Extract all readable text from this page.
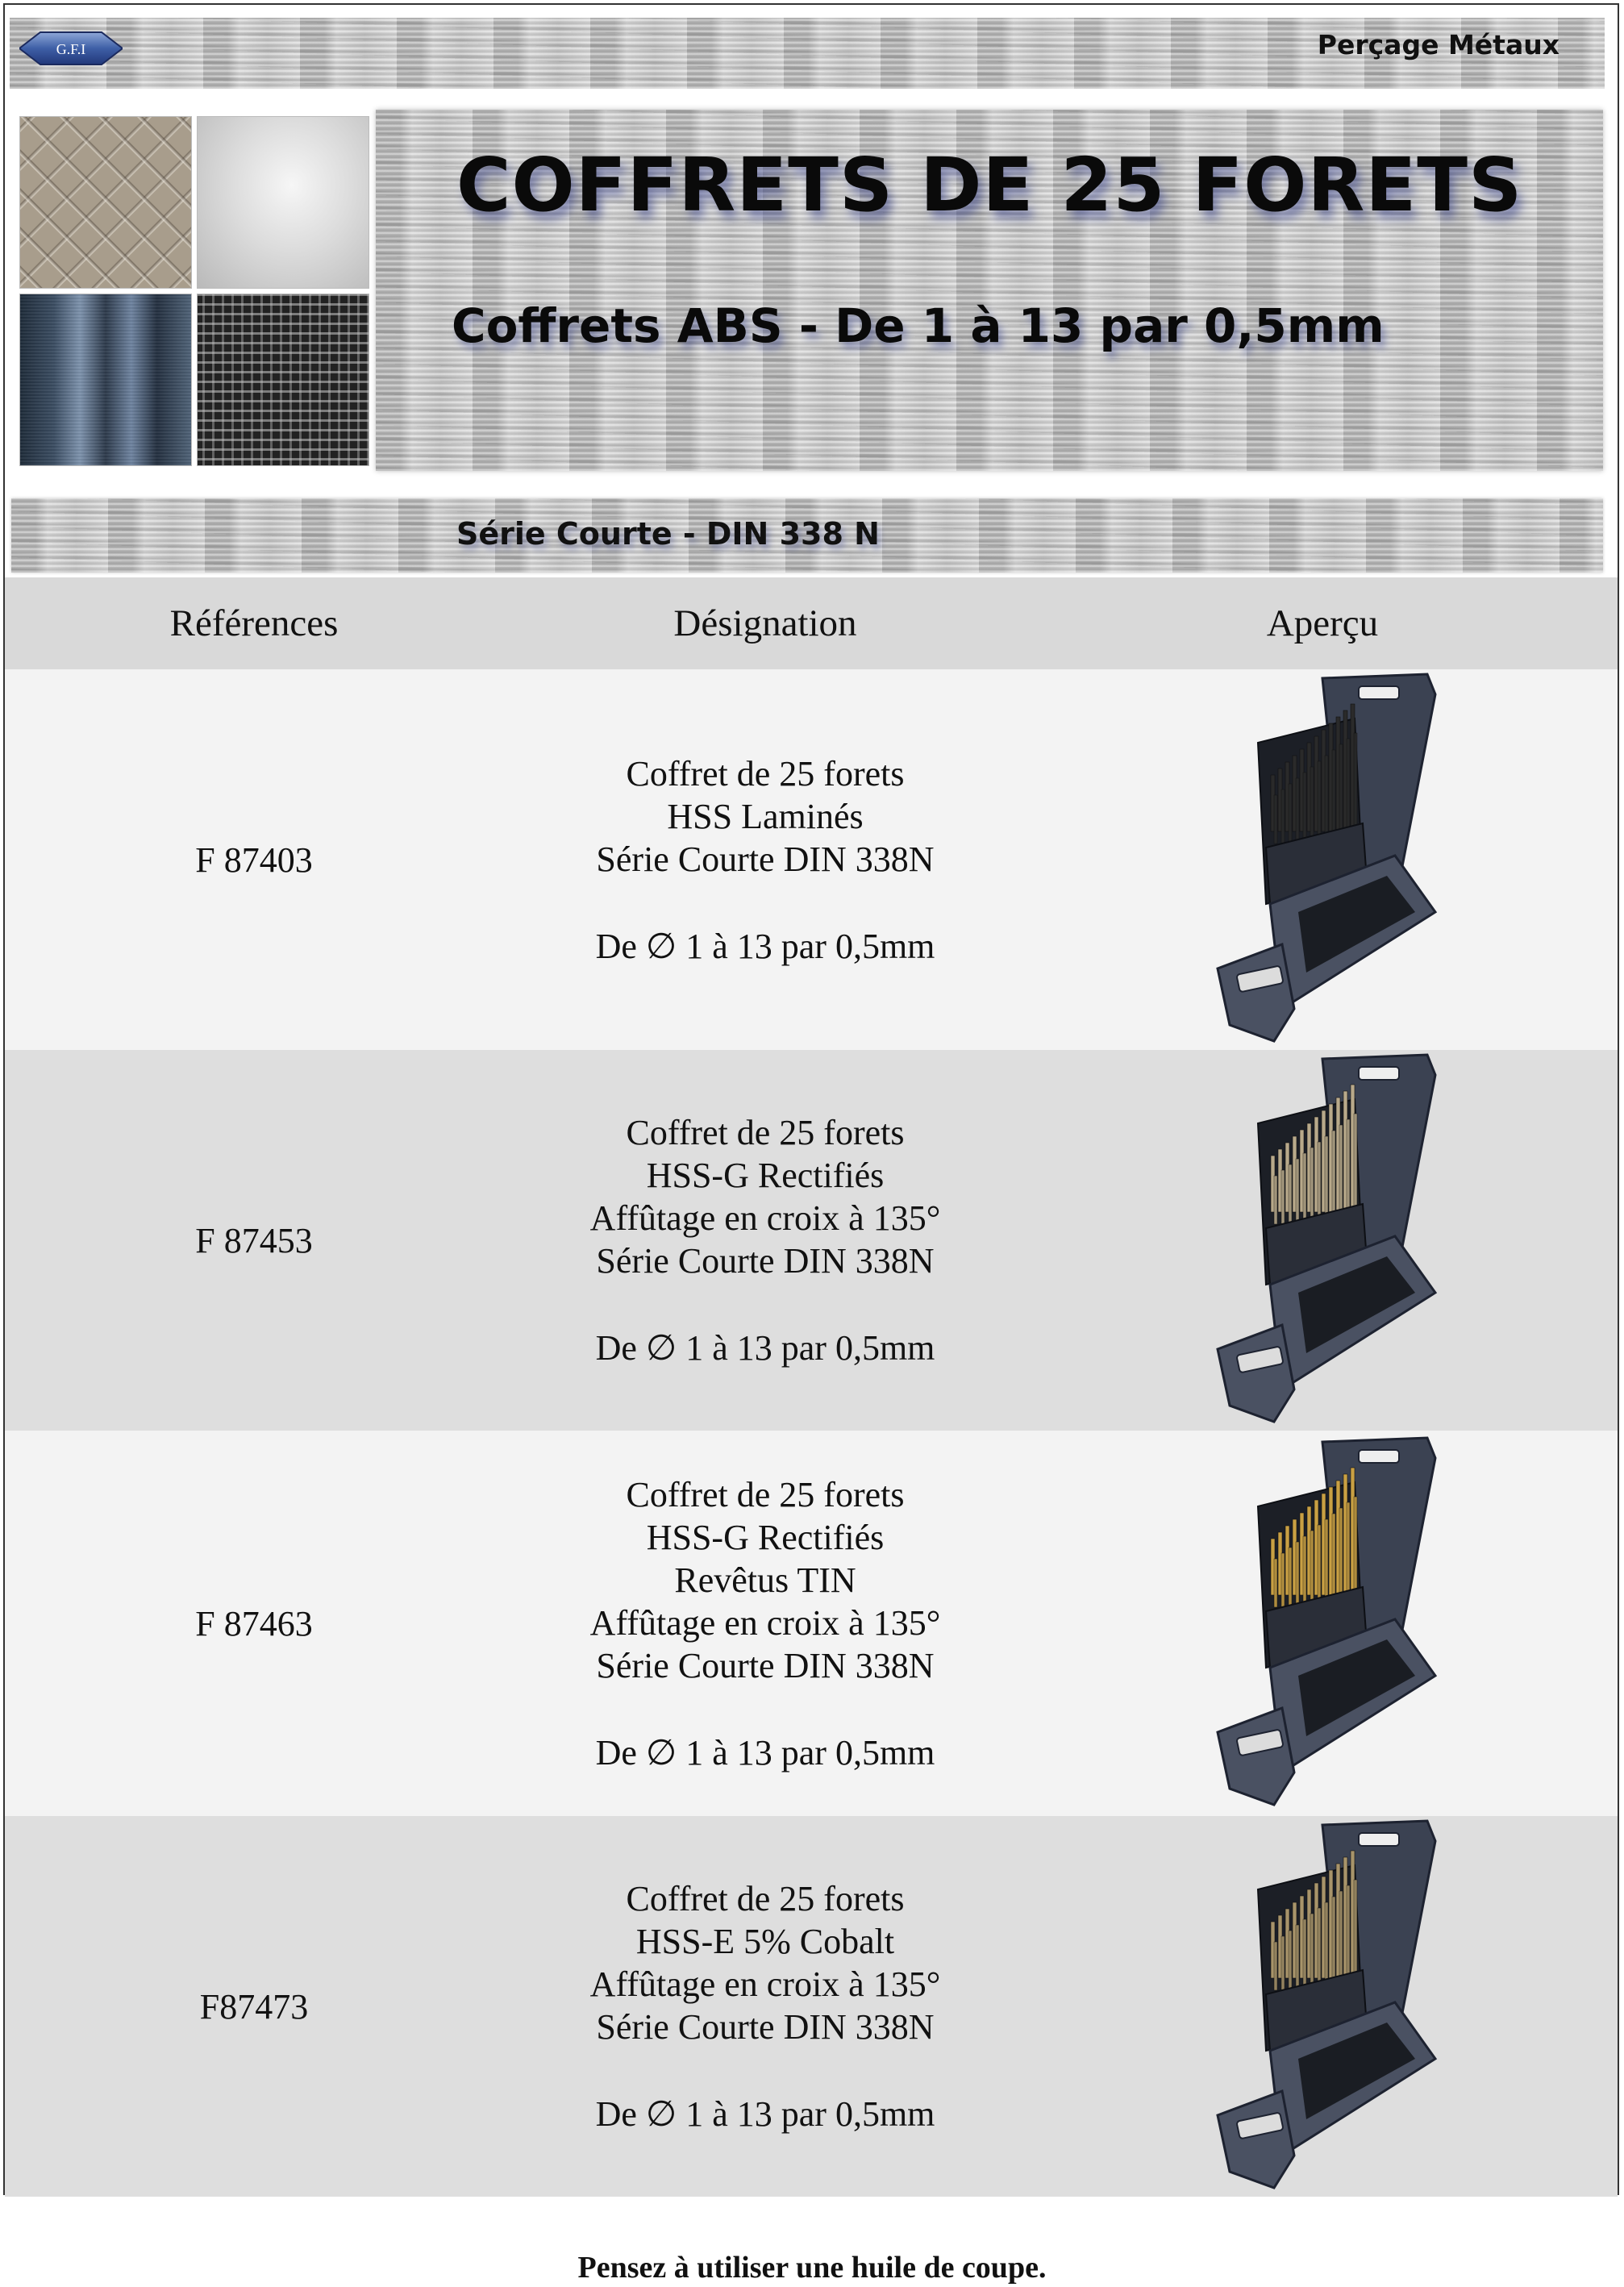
G.F.I	Perçage Métaux
COFFRETS DE 25 FORETS
Coffrets ABS - De 1 à 13 par 0,5mm
Série Courte - DIN 338 N
Références	Désignation	Aperçu
F 87403
Coffret de 25 forets
HSS Laminés
Série Courte DIN 338N
De ∅ 1 à 13 par 0,5mm
F 87453
Coffret de 25 forets
HSS-G Rectifiés
Affûtage en croix à 135°
Série Courte DIN 338N
De ∅ 1 à 13 par 0,5mm
F 87463
Coffret de 25 forets
HSS-G Rectifiés
Revêtus TIN
Affûtage en croix à 135°
Série Courte DIN 338N
De ∅ 1 à 13 par 0,5mm
F87473
Coffret de 25 forets
HSS-E 5% Cobalt
Affûtage en croix à 135°
Série Courte DIN 338N
De ∅ 1 à 13 par 0,5mm
Pensez à utiliser une huile de coupe.
